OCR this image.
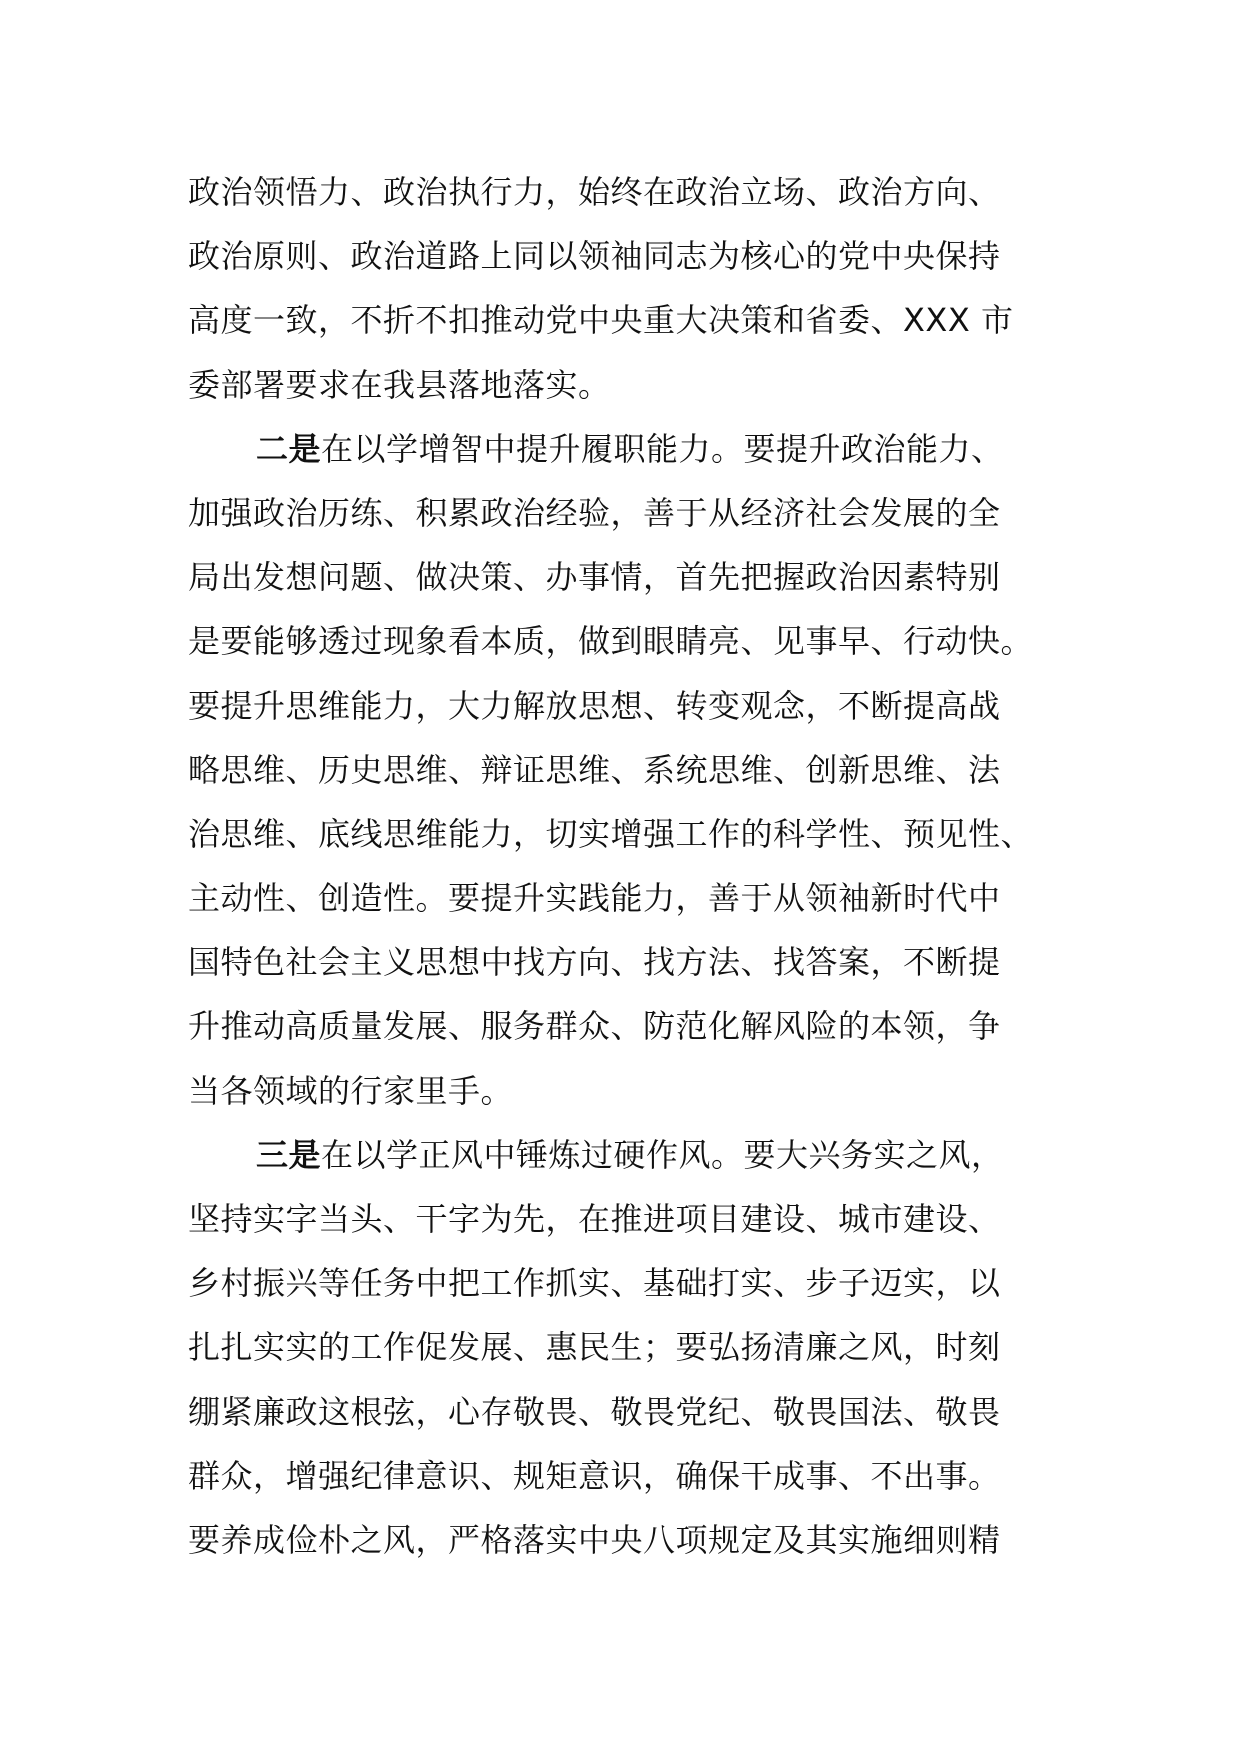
政治领悟力、政治执行力，始终在政治立场、政治方向、
政治原则、政治道路上同以领袖同志为核心的党中央保持
高度一致，不折不扣推动党中央重大决策和省委、XXX 市
委部署要求在我县落地落实。
二是在以学增智中提升履职能力。要提升政治能力、
加强政治历练、积累政治经验，善于从经济社会发展的全
局出发想问题、做决策、办事情，首先把握政治因素特别
是要能够透过现象看本质，做到眼睛亮、见事早、行动快。
要提升思维能力，大力解放思想、转变观念，不断提高战
略思维、历史思维、辩证思维、系统思维、创新思维、法
治思维、底线思维能力，切实增强工作的科学性、预见性、
主动性、创造性。要提升实践能力，善于从领袖新时代中
国特色社会主义思想中找方向、找方法、找答案，不断提
升推动高质量发展、服务群众、防范化解风险的本领，争
当各领域的行家里手。
三是在以学正风中锤炼过硬作风。要大兴务实之风，
坚持实字当头、干字为先，在推进项目建设、城市建设、
乡村振兴等任务中把工作抓实、基础打实、步子迈实，以
扎扎实实的工作促发展、惠民生；要弘扬清廉之风，时刻
绷紧廉政这根弦，心存敬畏、敬畏党纪、敬畏国法、敬畏
群众，增强纪律意识、规矩意识，确保干成事、不出事。
要养成俭朴之风，严格落实中央八项规定及其实施细则精
